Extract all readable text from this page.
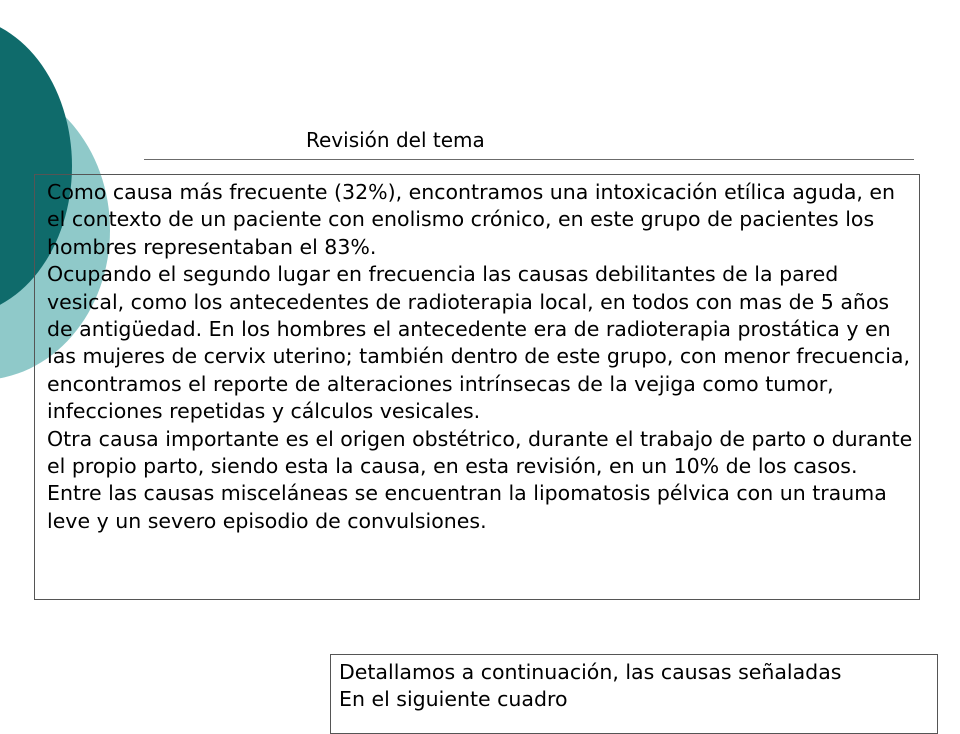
Revisión del tema

Como causa más frecuente (32%), encontramos una intoxicación etílica aguda, en el contexto de un paciente con enolismo crónico, en este grupo de pacientes los hombres representaban el 83%.

Ocupando el segundo lugar en frecuencia las causas debilitantes de la pared vesical, como los antecedentes de radioterapia local, en todos con mas de 5 años de antigüedad. En los hombres el antecedente era de radioterapia prostática y en las mujeres de cervix uterino; también dentro de este grupo, con menor frecuencia, encontramos el reporte de alteraciones intrínsecas de la vejiga como tumor, infecciones repetidas y cálculos vesicales.

Otra causa importante es el origen obstétrico, durante el trabajo de parto o durante el propio parto, siendo esta la causa, en esta revisión, en un 10% de los casos.

Entre las causas misceláneas se encuentran la lipomatosis pélvica con un trauma leve y un severo episodio de convulsiones.

Detallamos a continuación, las causas señaladas

En el siguiente cuadro
